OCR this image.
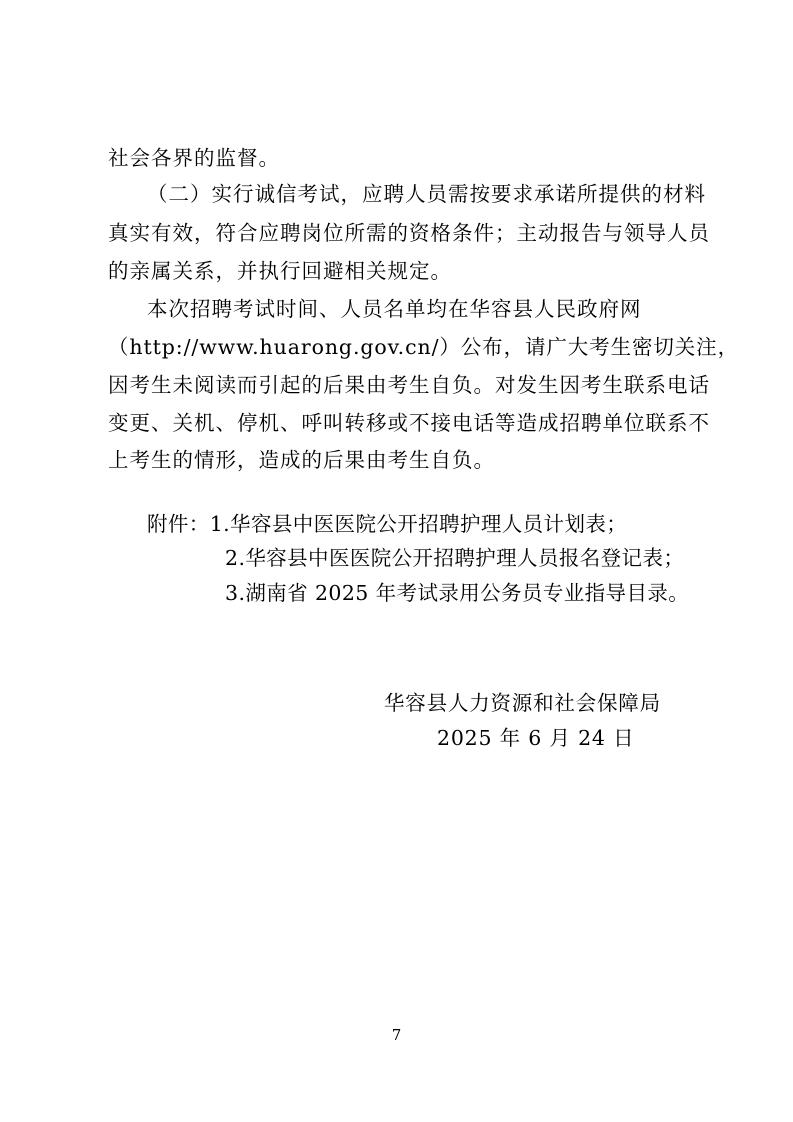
社会各界的监督。
（二）实行诚信考试，应聘人员需按要求承诺所提供的材料
真实有效，符合应聘岗位所需的资格条件；主动报告与领导人员
的亲属关系，并执行回避相关规定。
本次招聘考试时间、人员名单均在华容县人民政府网
（http://www.huarong.gov.cn/）公布，请广大考生密切关注，
因考生未阅读而引起的后果由考生自负。对发生因考生联系电话
变更、关机、停机、呼叫转移或不接电话等造成招聘单位联系不
上考生的情形，造成的后果由考生自负。
附件：1.华容县中医医院公开招聘护理人员计划表；
2.华容县中医医院公开招聘护理人员报名登记表；
3.湖南省 2025 年考试录用公务员专业指导目录。
华容县人力资源和社会保障局
2025 年 6 月 24 日
7
